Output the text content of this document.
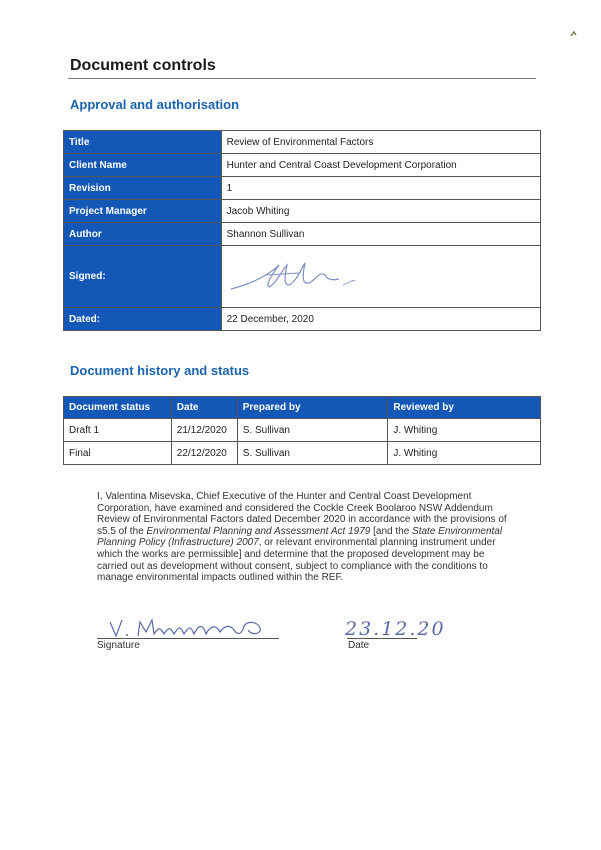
Document controls
Approval and authorisation
Title	Review of Environmental Factors
Client Name	Hunter and Central Coast Development Corporation
Revision	1
Project Manager	Jacob Whiting
Author	Shannon Sullivan
Signed:	
Dated:	22 December, 2020
Document history and status
Document status	Date	Prepared by	Reviewed by
Draft 1	21/12/2020	S. Sullivan	J. Whiting
Final	22/12/2020	S. Sullivan	J. Whiting
I, Valentina Misevska, Chief Executive of the Hunter and Central Coast Development Corporation, have examined and considered the Cockle Creek Boolaroo NSW Addendum Review of Environmental Factors dated December 2020 in accordance with the provisions of s5.5 of the Environmental Planning and Assessment Act 1979 [and the State Environmental Planning Policy (Infrastructure) 2007, or relevant environmental planning instrument under which the works are permissible] and determine that the proposed development may be carried out as development without consent, subject to compliance with the conditions to manage environmental impacts outlined within the REF.
Signature
23.12.20
Date
